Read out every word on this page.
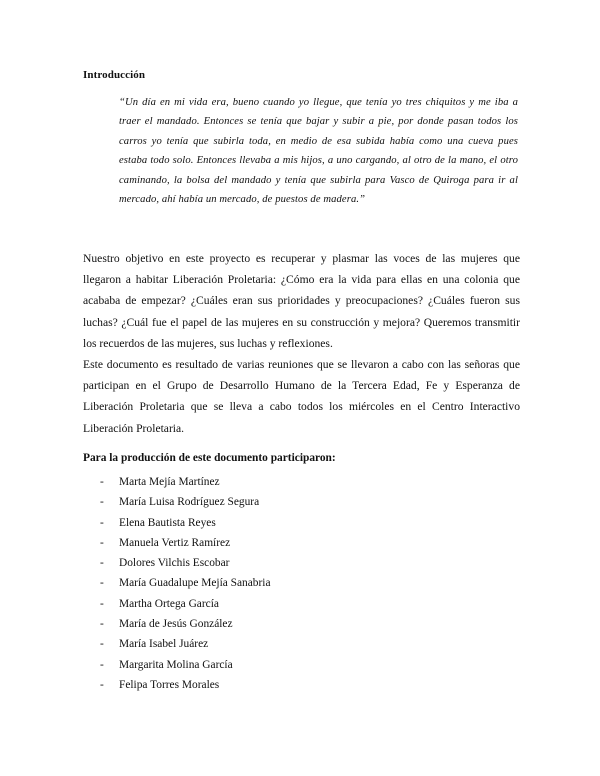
Introducción
“Un día en mi vida era, bueno cuando yo llegue, que tenía yo tres chiquitos y me iba a traer el mandado. Entonces se tenía que bajar y subir a pie, por donde pasan todos los carros yo tenía que subirla toda, en medio de esa subida había como una cueva pues estaba todo solo. Entonces llevaba a mis hijos, a uno cargando, al otro de la mano, el otro caminando, la bolsa del mandado y tenía que subirla para Vasco de Quiroga para ir al mercado, ahí había un mercado, de puestos de madera.”

Nuestro objetivo en este proyecto es recuperar y plasmar las voces de las mujeres que llegaron a habitar Liberación Proletaria: ¿Cómo era la vida para ellas en una colonia que acababa de empezar? ¿Cuáles eran sus prioridades y preocupaciones? ¿Cuáles fueron sus luchas? ¿Cuál fue el papel de las mujeres en su construcción y mejora? Queremos transmitir los recuerdos de las mujeres, sus luchas y reflexiones.

Este documento es resultado de varias reuniones que se llevaron a cabo con las señoras que participan en el Grupo de Desarrollo Humano de la Tercera Edad, Fe y Esperanza de Liberación Proletaria que se lleva a cabo todos los miércoles en el Centro Interactivo Liberación Proletaria.

Para la producción de este documento participaron:
-	Marta Mejía Martínez
-	María Luisa Rodríguez Segura
-	Elena Bautista Reyes
-	Manuela Vertiz Ramírez
-	Dolores Vilchis Escobar
-	María Guadalupe Mejía Sanabria
-	Martha Ortega García
-	María de Jesús González
-	María Isabel Juárez
-	Margarita Molina García
-	Felipa Torres Morales
